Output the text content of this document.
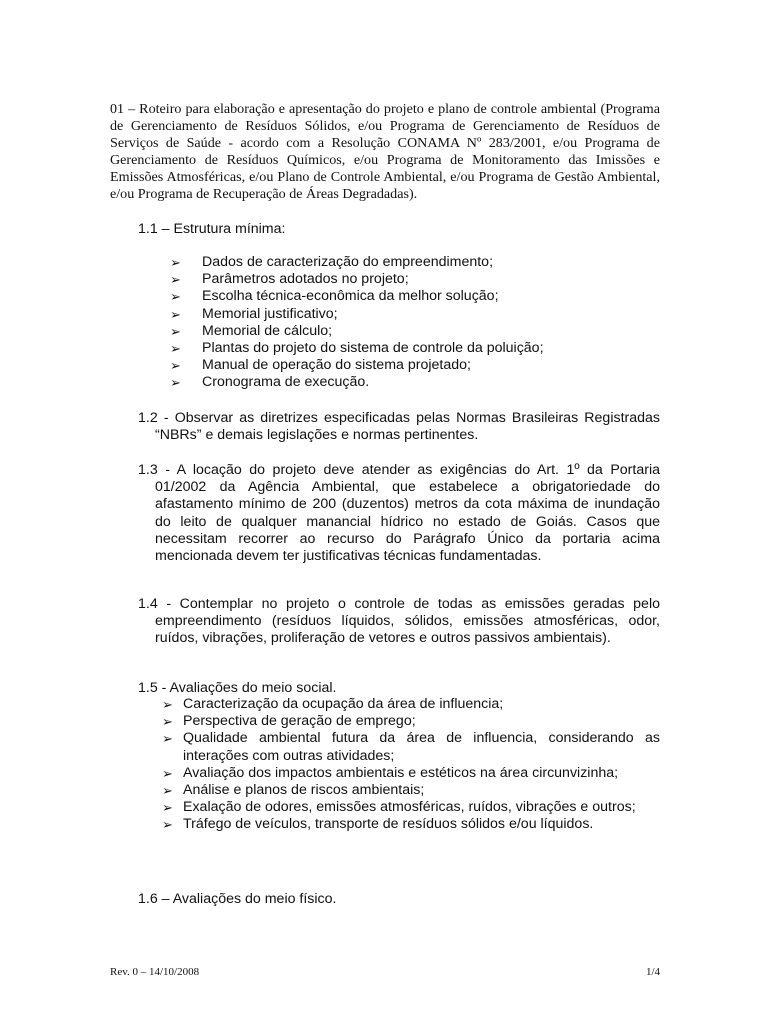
01 – Roteiro para elaboração e apresentação do projeto e plano de controle ambiental (Programa de Gerenciamento de Resíduos Sólidos, e/ou Programa de Gerenciamento de Resíduos de Serviços de Saúde - acordo com a Resolução CONAMA Nº 283/2001, e/ou Programa de Gerenciamento de Resíduos Químicos, e/ou Programa de Monitoramento das Imissões e Emissões Atmosféricas, e/ou Plano de Controle Ambiental, e/ou Programa de Gestão Ambiental, e/ou Programa de Recuperação de Áreas Degradadas).

1.1 – Estrutura mínima:

➢ Dados de caracterização do empreendimento;
➢ Parâmetros adotados no projeto;
➢ Escolha técnica-econômica da melhor solução;
➢ Memorial justificativo;
➢ Memorial de cálculo;
➢ Plantas do projeto do sistema de controle da poluição;
➢ Manual de operação do sistema projetado;
➢ Cronograma de execução.

1.2 - Observar as diretrizes especificadas pelas Normas Brasileiras Registradas “NBRs” e demais legislações e normas pertinentes.

1.3 - A locação do projeto deve atender as exigências do Art. 1º da Portaria 01/2002 da Agência Ambiental, que estabelece a obrigatoriedade do afastamento mínimo de 200 (duzentos) metros da cota máxima de inundação do leito de qualquer manancial hídrico no estado de Goiás. Casos que necessitam recorrer ao recurso do Parágrafo Único da portaria acima mencionada devem ter justificativas técnicas fundamentadas.

1.4 - Contemplar no projeto o controle de todas as emissões geradas pelo empreendimento (resíduos líquidos, sólidos, emissões atmosféricas, odor, ruídos, vibrações, proliferação de vetores e outros passivos ambientais).

1.5 - Avaliações do meio social.

➢ Caracterização da ocupação da área de influencia;
➢ Perspectiva de geração de emprego;
➢ Qualidade ambiental futura da área de influencia, considerando as interações com outras atividades;
➢ Avaliação dos impactos ambientais e estéticos na área circunvizinha;
➢ Análise e planos de riscos ambientais;
➢ Exalação de odores, emissões atmosféricas, ruídos, vibrações e outros;
➢ Tráfego de veículos, transporte de resíduos sólidos e/ou líquidos.

1.6 – Avaliações do meio físico.

Rev. 0 – 14/10/2008	1/4
